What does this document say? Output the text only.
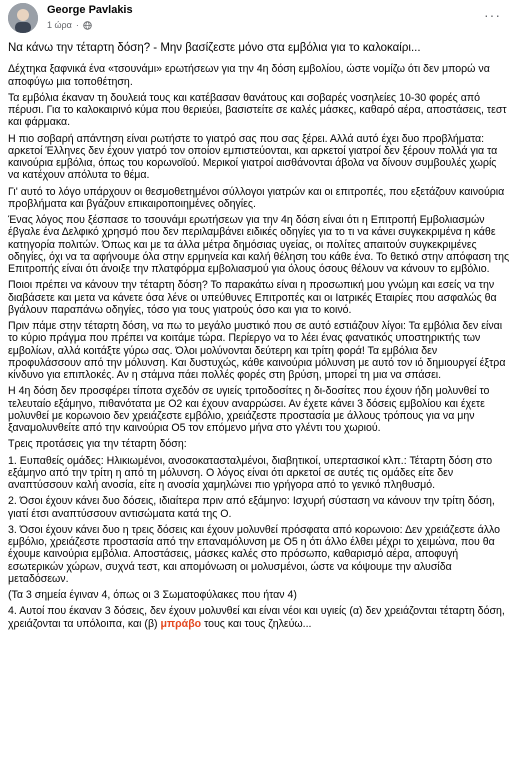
George Pavlakis
1 ώρα ·
···

Να κάνω την τέταρτη δόση? - Μην βασίζεστε μόνο στα εμβόλια για το καλοκαίρι...

Δέχτηκα ξαφνικά ένα «τσουνάμι» ερωτήσεων για την 4η δόση εμβολίου, ώστε νομίζω ότι δεν μπορώ να αποφύγω μια τοποθέτηση.

Τα εμβόλια έκαναν τη δουλειά τους και κατέβασαν θανάτους και σοβαρές νοσηλείες 10-30 φορές από πέρυσι. Για το καλοκαιρινό κύμα που θεριεύει, βασιστείτε σε καλές μάσκες, καθαρό αέρα, αποστάσεις, τεστ και φάρμακα.

Η πιο σοβαρή απάντηση είναι ρωτήστε το γιατρό σας που σας ξέρει. Αλλά αυτό έχει δυο προβλήματα: αρκετοί Έλληνες δεν έχουν γιατρό τον οποίον εμπιστεύονται, και αρκετοί γιατροί δεν ξέρουν πολλά για τα καινούρια εμβόλια, όπως του κορωνοϊού. Μερικοί γιατροί αισθάνονται άβολα να δίνουν συμβουλές χωρίς να κατέχουν απόλυτα το θέμα.

Γι' αυτό το λόγο υπάρχουν οι θεσμοθετημένοι σύλλογοι γιατρών και οι επιτροπές, που εξετάζουν καινούρια προβλήματα και βγάζουν επικαιροποιημένες οδηγίες.

Ένας λόγος που ξέσπασε το τσουνάμι ερωτήσεων για την 4η δόση είναι ότι η Επιτροπή Εμβολιασμών έβγαλε ένα Δελφικό χρησμό που δεν περιλαμβάνει ειδικές οδηγίες για το τι να κάνει συγκεκριμένα η κάθε κατηγορία πολιτών. Όπως και με τα άλλα μέτρα δημόσιας υγείας, οι πολίτες απαιτούν συγκεκριμένες οδηγίες, όχι να τα αφήνουμε όλα στην ερμηνεία και καλή θέληση του κάθε ένα. Το θετικό στην απόφαση της Επιτροπής είναι ότι άνοιξε την πλατφόρμα εμβολιασμού για όλους όσους θέλουν να κάνουν το εμβόλιο.

Ποιοι πρέπει να κάνουν την τέταρτη δόση? Το παρακάτω είναι η προσωπική μου γνώμη και εσείς να την διαβάσετε και μετα να κάνετε όσα λένε οι υπεύθυνες Επιτροπές και οι Ιατρικές Εταιρίες που ασφαλώς θα βγάλουν παραπάνω οδηγίες, τόσο για τους γιατρούς όσο και για το κοινό.

Πριν πάμε στην τέταρτη δόση, να πω το μεγάλο μυστικό που σε αυτό εστιάζουν λίγοι: Τα εμβόλια δεν είναι το κύριο πράγμα που πρέπει να κοιτάμε τώρα. Περίεργο να το λέει ένας φανατικός υποστηρικτής των εμβολίων, αλλά κοιτάξτε γύρω σας. Όλοι μολύνονται δεύτερη και τρίτη φορά! Τα εμβόλια δεν προφυλάσσουν από την μόλυνση. Και δυστυχώς, κάθε καινούρια μόλυνση με αυτό τον ιό δημιουργεί έξτρα κίνδυνο για επιπλοκές. Αν η στάμνα πάει πολλές φορές στη βρύση, μπορεί τη μια να σπάσει.

Η 4η δόση δεν προσφέρει τίποτα σχεδόν σε υγιείς τριτοδοσίτες η δι-δοσίτες που έχουν ήδη μολυνθεί το τελευταίο εξάμηνο, πιθανότατα με Ο2 και έχουν αναρρώσει. Αν έχετε κάνει 3 δόσεις εμβολίου και έχετε μολυνθεί με κορωνοιο δεν χρειάζεστε εμβόλιο, χρειάζεστε προστασία με άλλους τρόπους για να μην ξαναμολυνθείτε από την καινούρια Ο5 τον επόμενο μήνα στο γλέντι του χωριού.

Τρεις προτάσεις για την τέταρτη δόση:

1. Ευπαθείς ομάδες: Ηλικιωμένοι, ανοσοκατασταλμένοι, διαβητικοί, υπερτασικοί κλπ.: Τέταρτη δόση στο εξάμηνο από την τρίτη η από τη μόλυνση. Ο λόγος είναι ότι αρκετοί σε αυτές τις ομάδες είτε δεν αναπτύσσουν καλή ανοσία, είτε η ανοσία χαμηλώνει πιο γρήγορα από το γενικό πληθυσμό.

2. Όσοι έχουν κάνει δυο δόσεις, ιδιαίτερα πριν από εξάμηνο: Ισχυρή σύσταση να κάνουν την τρίτη δόση, γιατί έτσι αναπτύσσουν αντισώματα κατά της Ο.

3. Όσοι έχουν κάνει δυο η τρεις δόσεις και έχουν μολυνθεί πρόσφατα από κορωνοιο: Δεν χρειάζεστε άλλο εμβόλιο, χρειάζεστε προστασία από την επαναμόλυνση με Ο5 η ότι άλλο έλθει μέχρι το χειμώνα, που θα έχουμε καινούρια εμβόλια. Αποστάσεις, μάσκες καλές στο πρόσωπο, καθαρισμό αέρα, αποφυγή εσωτερικών χώρων, συχνά τεστ, και απομόνωση οι μολυσμένοι, ώστε να κόψουμε την αλυσίδα μεταδόσεων.

(Τα 3 σημεία έγιναν 4, όπως οι 3 Σωματοφύλακες που ήταν 4)

4. Αυτοί που έκαναν 3 δόσεις, δεν έχουν μολυνθεί και είναι νέοι και υγιείς (α) δεν χρειάζονται τέταρτη δόση, χρειάζονται τα υπόλοιπα, και (β) μπράβο τους και τους ζηλεύω...
